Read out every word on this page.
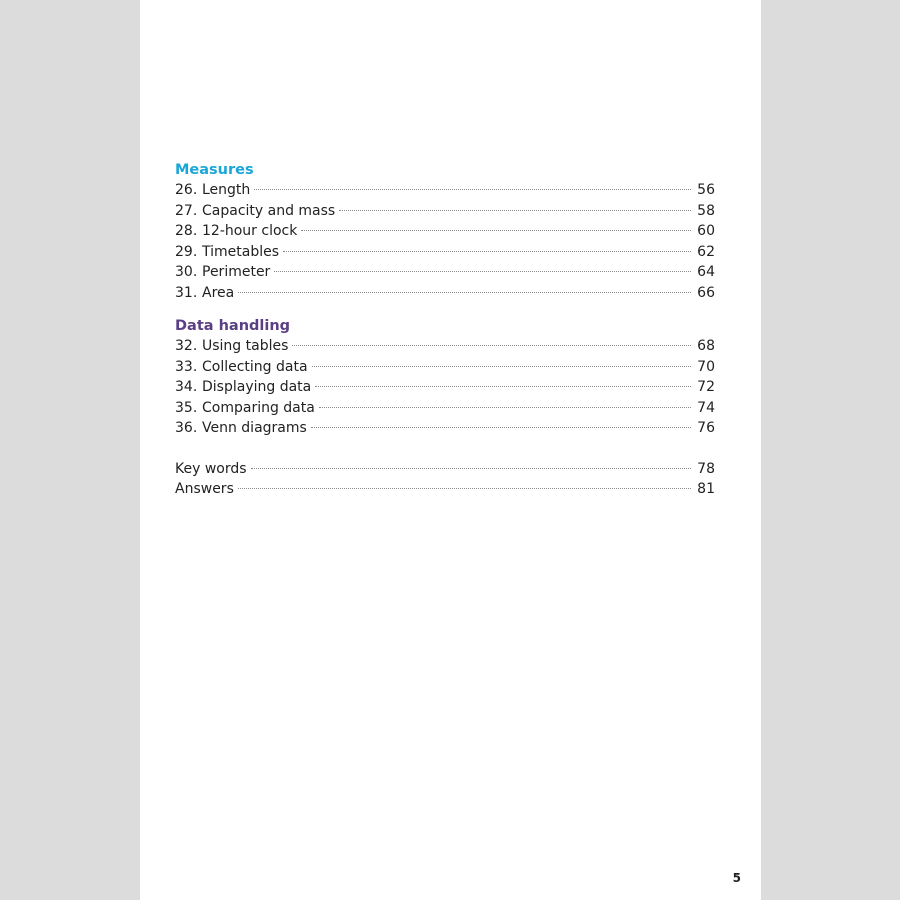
Measures
26. Length	56
27. Capacity and mass	58
28. 12-hour clock	60
29. Timetables	62
30. Perimeter	64
31. Area	66
Data handling
32. Using tables	68
33. Collecting data	70
34. Displaying data	72
35. Comparing data	74
36. Venn diagrams	76
Key words	78
Answers	81
5
